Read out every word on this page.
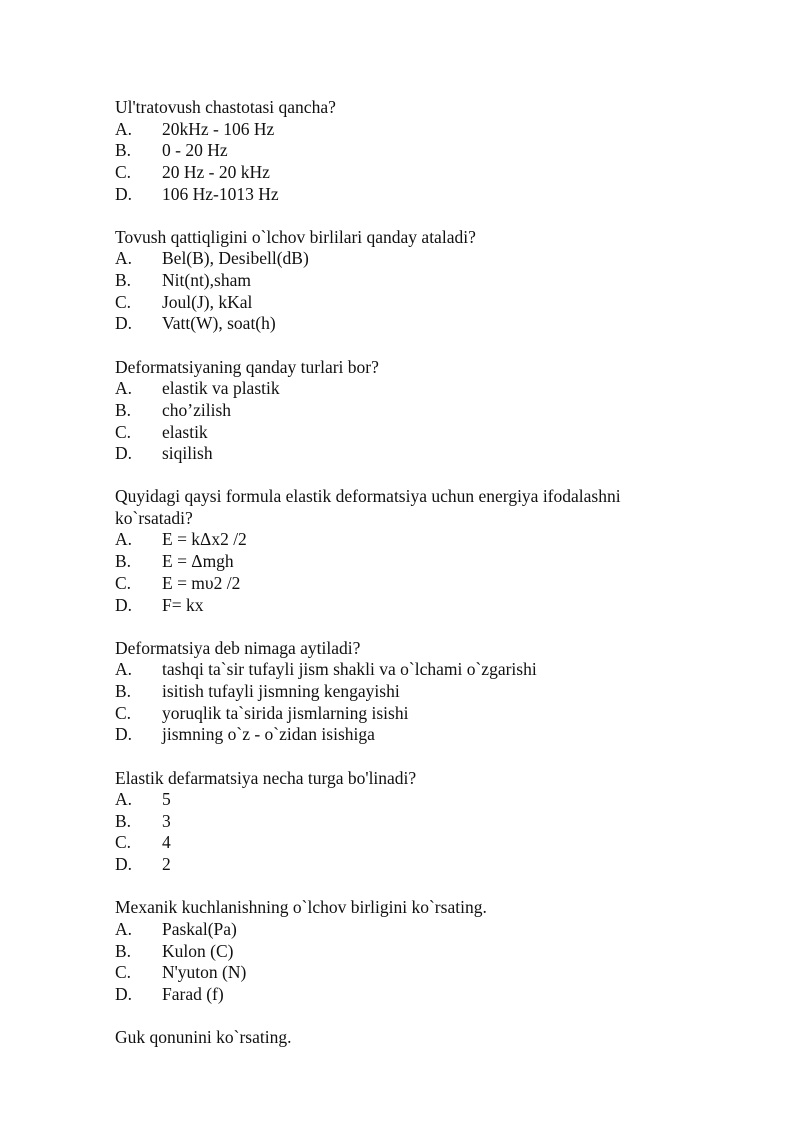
Ul'tratovush chastotasi qancha?

A.	20kHz - 106 Hz
B.	0 - 20 Hz
C.	20 Hz - 20 kHz
D.	106 Hz-1013 Hz

Tovush qattiqligini o`lchov birlilari qanday ataladi?

A.	Bel(B), Desibell(dB)
B.	Nit(nt),sham
C.	Joul(J), kKal
D.	Vatt(W), soat(h)

Deformatsiyaning qanday turlari bor?

A.	elastik va plastik
B.	cho’zilish
C.	elastik
D.	siqilish

Quyidagi qaysi formula elastik deformatsiya uchun energiya ifodalashni ko`rsatadi?

A.	E = kΔx2 /2
B.	E = Δmgh
C.	E = mυ2 /2
D.	F= kx

Deformatsiya deb nimaga aytiladi?

A.	tashqi ta`sir tufayli jism shakli va o`lchami o`zgarishi
B.	isitish tufayli jismning kengayishi
C.	yoruqlik ta`sirida jismlarning isishi
D.	jismning o`z - o`zidan isishiga

Elastik defarmatsiya necha turga bo'linadi?

A.	5
B.	3
C.	4
D.	2

Mexanik kuchlanishning o`lchov birligini ko`rsating.

A.	Paskal(Pa)
B.	Kulon (C)
C.	N'yuton (N)
D.	Farad (f)

Guk qonunini ko`rsating.
